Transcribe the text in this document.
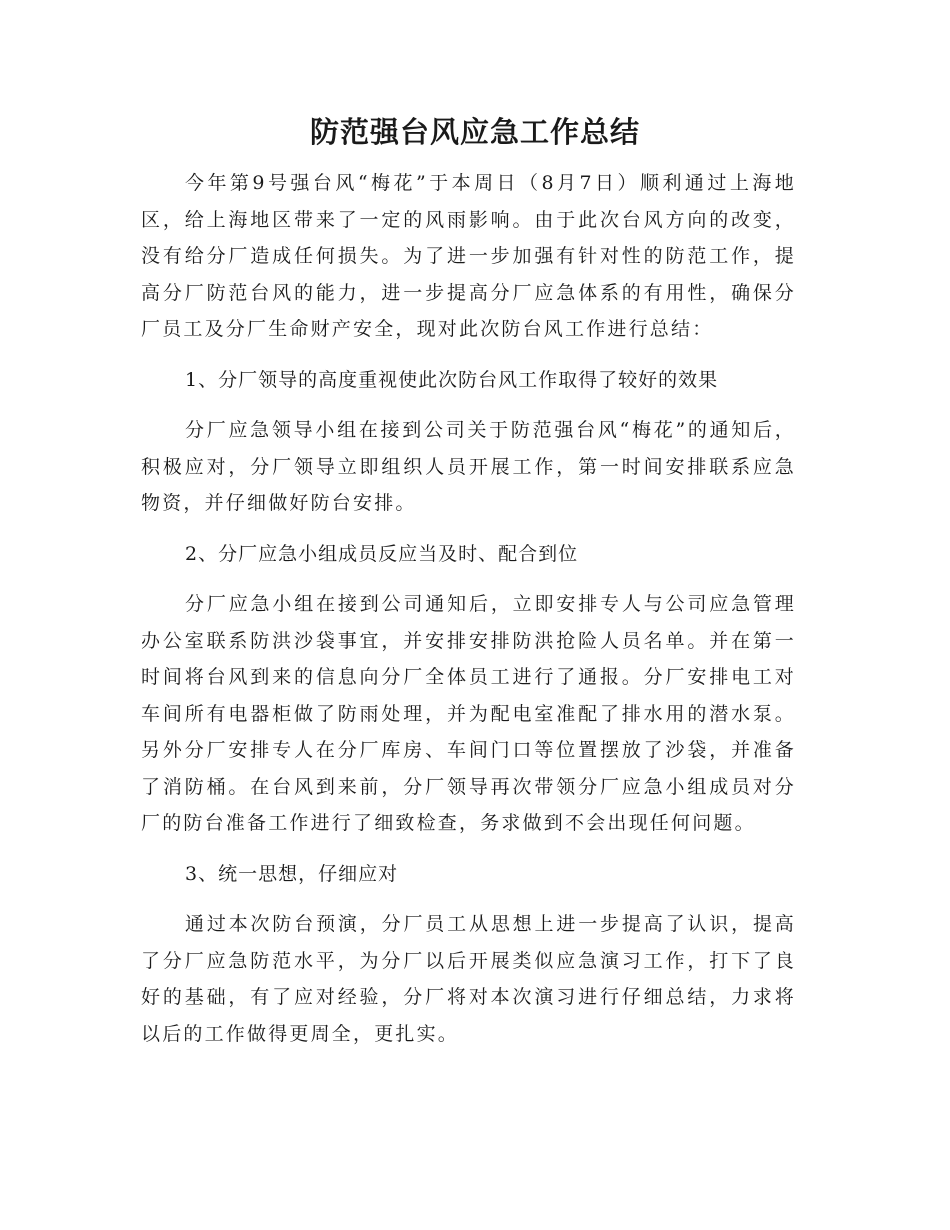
防范强台风应急工作总结

今年第9号强台风“梅花”于本周日（8月7日）顺利通过上海地区，给上海地区带来了一定的风雨影响。由于此次台风方向的改变，没有给分厂造成任何损失。为了进一步加强有针对性的防范工作，提高分厂防范台风的能力，进一步提高分厂应急体系的有用性，确保分厂员工及分厂生命财产安全，现对此次防台风工作进行总结：

1、分厂领导的高度重视使此次防台风工作取得了较好的效果

分厂应急领导小组在接到公司关于防范强台风“梅花”的通知后，积极应对，分厂领导立即组织人员开展工作，第一时间安排联系应急物资，并仔细做好防台安排。

2、分厂应急小组成员反应当及时、配合到位

分厂应急小组在接到公司通知后，立即安排专人与公司应急管理办公室联系防洪沙袋事宜，并安排安排防洪抢险人员名单。并在第一时间将台风到来的信息向分厂全体员工进行了通报。分厂安排电工对车间所有电器柜做了防雨处理，并为配电室准配了排水用的潜水泵。另外分厂安排专人在分厂库房、车间门口等位置摆放了沙袋，并准备了消防桶。在台风到来前，分厂领导再次带领分厂应急小组成员对分厂的防台准备工作进行了细致检查，务求做到不会出现任何问题。

3、统一思想，仔细应对

通过本次防台预演，分厂员工从思想上进一步提高了认识，提高了分厂应急防范水平，为分厂以后开展类似应急演习工作，打下了良好的基础，有了应对经验，分厂将对本次演习进行仔细总结，力求将以后的工作做得更周全，更扎实。
